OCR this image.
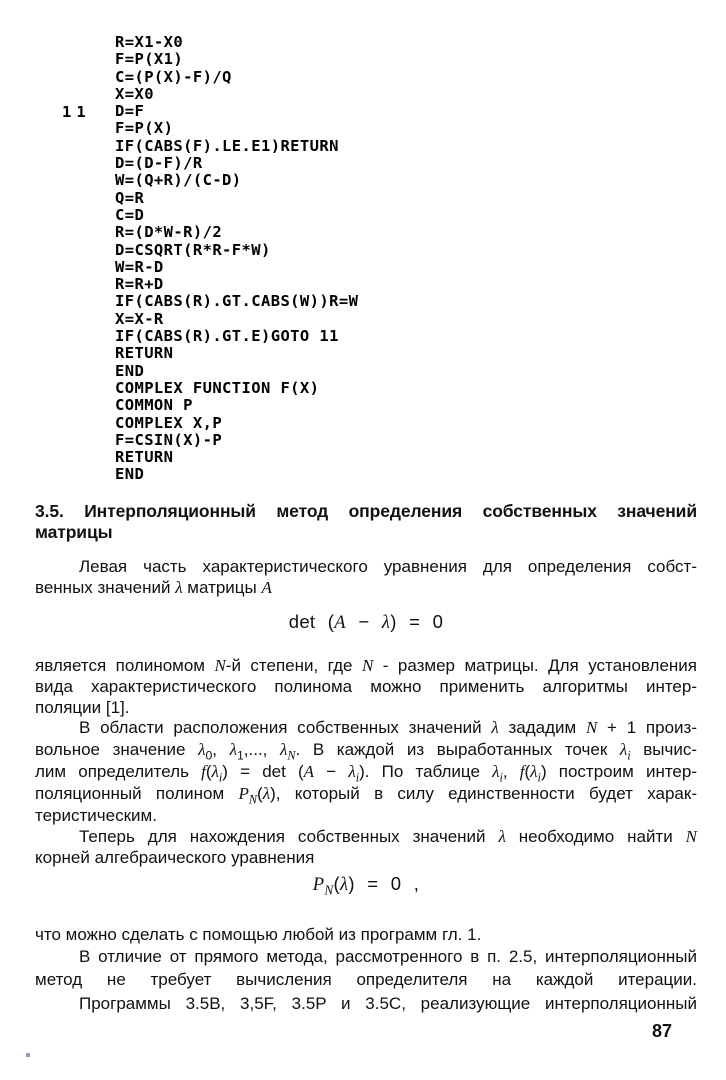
11
R=X1-X0
F=P(X1)
C=(P(X)-F)/Q
X=X0
D=F
F=P(X)
IF(CABS(F).LE.E1)RETURN
D=(D-F)/R
W=(Q+R)/(C-D)
Q=R
C=D
R=(D*W-R)/2
D=CSQRT(R*R-F*W)
W=R-D
R=R+D
IF(CABS(R).GT.CABS(W))R=W
X=X-R
IF(CABS(R).GT.E)GOTO 11
RETURN
END
COMPLEX FUNCTION F(X)
COMMON P
COMPLEX X,P
F=CSIN(X)-P
RETURN
END
3.5. Интерполяционный метод определения собственных значений матрицы
Левая часть характеристического уравнения для определения собст-
венных значений λ матрицы A
det (A − λ) = 0
является полиномом N-й степени, где N - размер матрицы. Для установления
вида характеристического полинома можно применить алгоритмы интер-
поляции [1].
В области расположения собственных значений λ зададим N + 1 произ-
вольное значение $\lambda_0$, $\lambda_1$,..., $\lambda_N$. В каждой из выработанных точек $\lambda_i$ вычис-
лим определитель $f(\lambda_i) = \det (A - \lambda_i)$. По таблице $\lambda_i$, $f(\lambda_i)$ построим интер-
поляционный полином $P_N(\lambda)$, который в силу единственности будет харак-
теристическим.
Теперь для нахождения собственных значений λ необходимо найти N
корней алгебраического уравнения
$P_N(\lambda) = 0$ ,
что можно сделать с помощью любой из программ гл. 1.
В отличие от прямого метода, рассмотренного в п. 2.5, интерполяционный
метод не требует вычисления определителя на каждой итерации.
Программы 3.5B, 3,5F, 3.5P и 3.5C, реализующие интерполяционный
87
